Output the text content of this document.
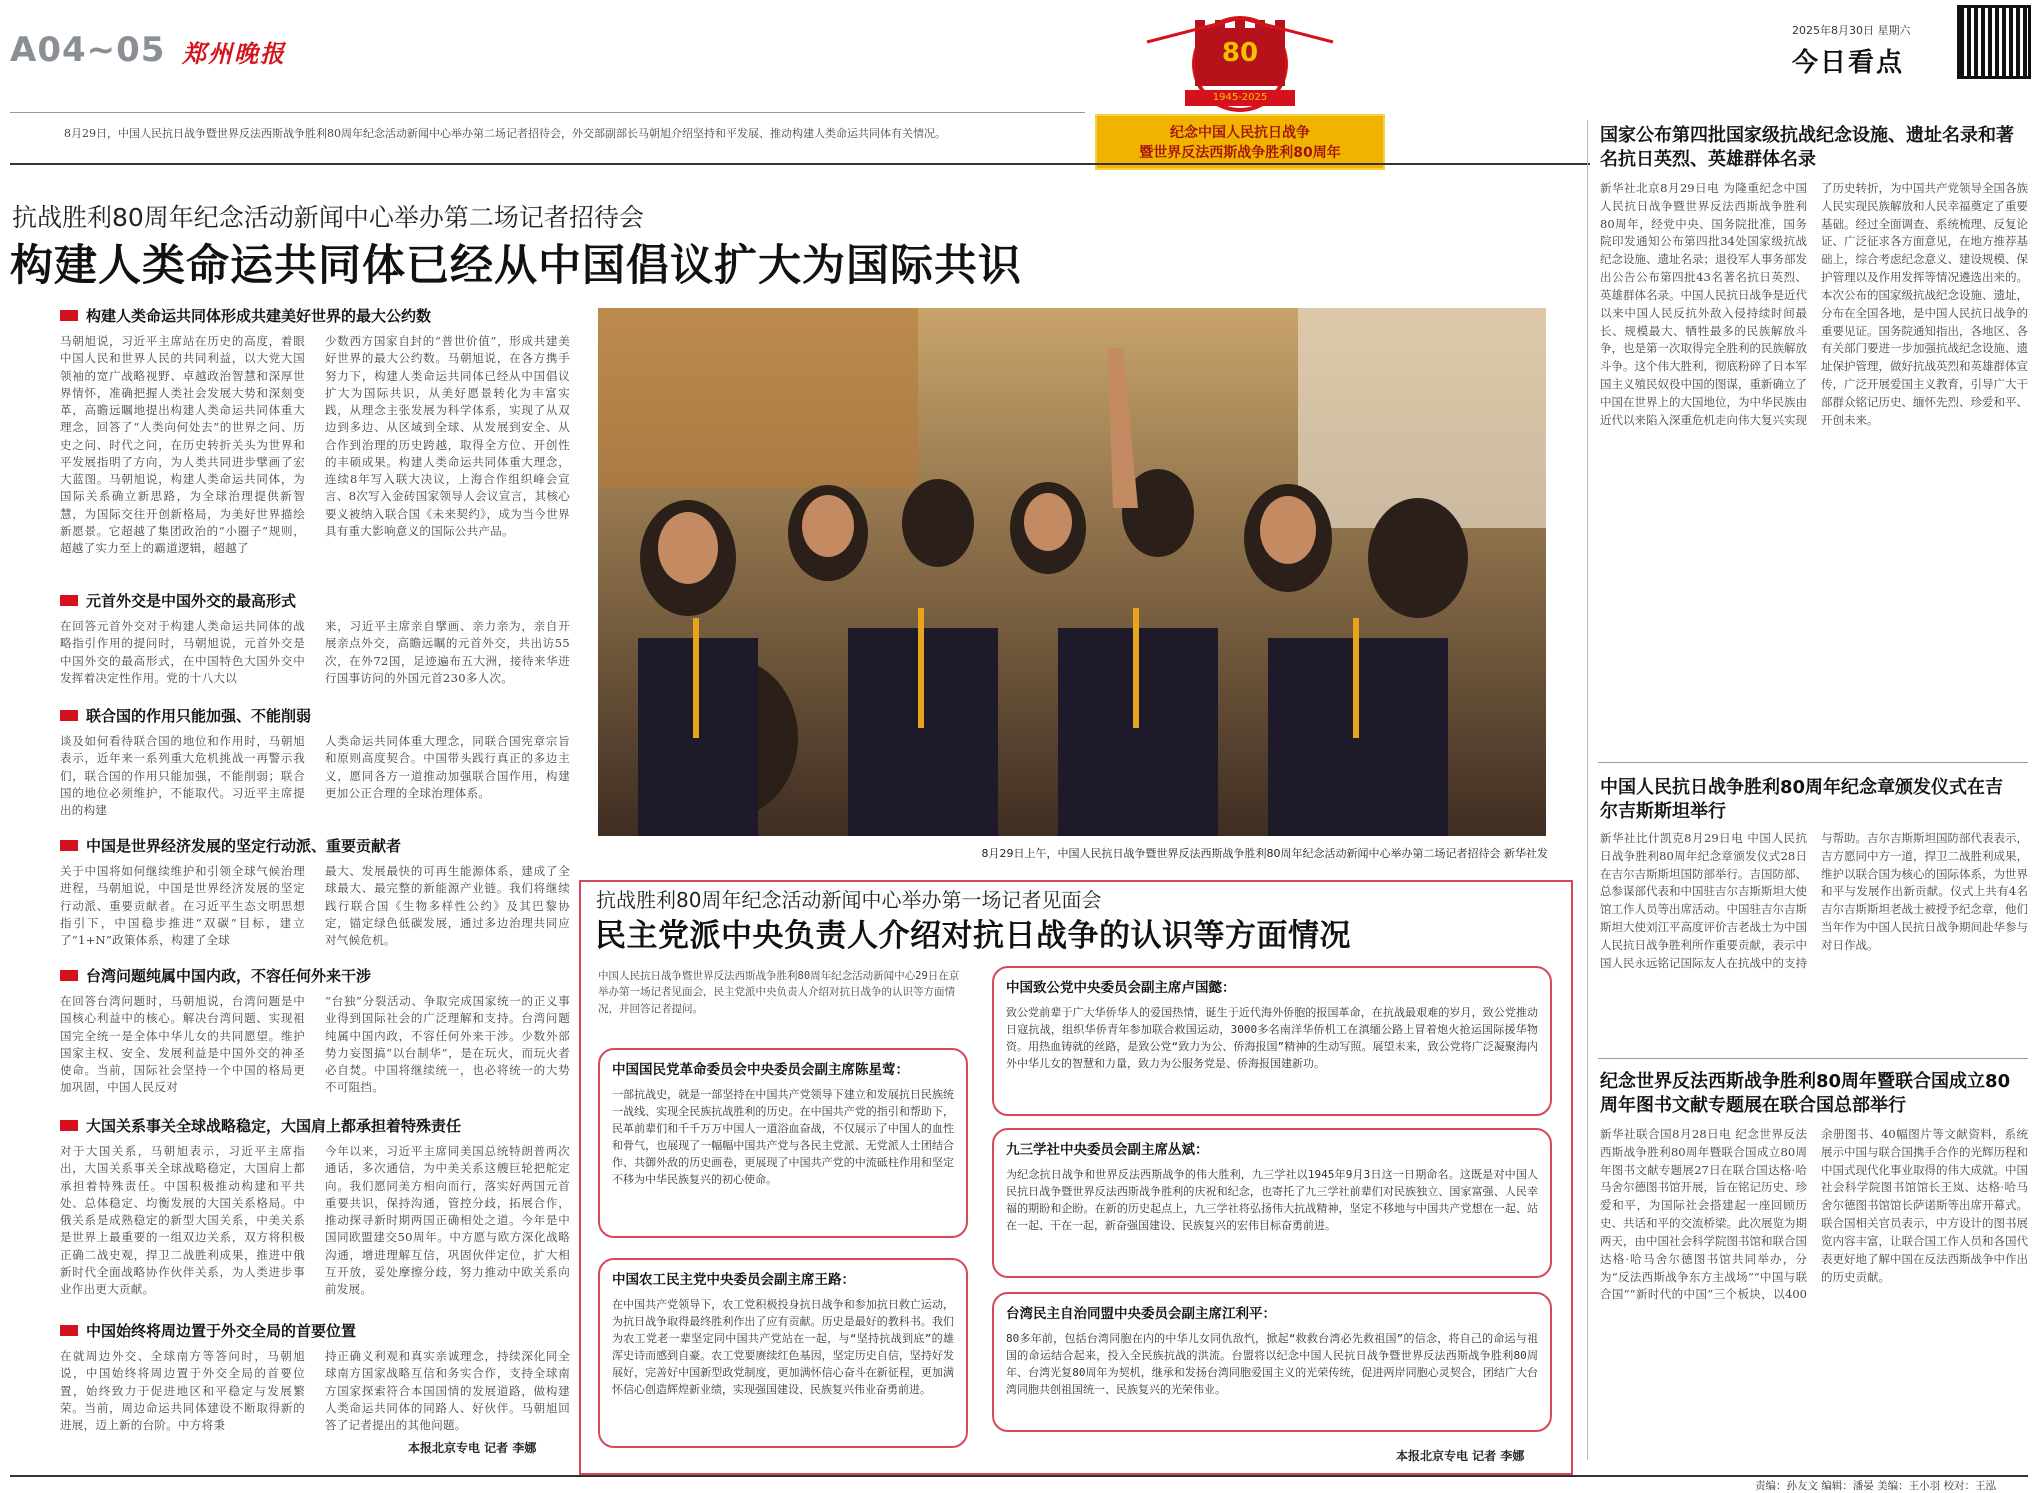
A04~05 郑州晚报
8月29日，中国人民抗日战争暨世界反法西斯战争胜利80周年纪念活动新闻中心举办第二场记者招待会，外交部副部长马朝旭介绍坚持和平发展、推动构建人类命运共同体有关情况。
80
1945-2025
纪念中国人民抗日战争
暨世界反法西斯战争胜利80周年
2025年8月30日 星期六
今日看点
抗战胜利80周年纪念活动新闻中心举办第二场记者招待会
构建人类命运共同体已经从中国倡议扩大为国际共识
构建人类命运共同体形成共建美好世界的最大公约数
马朝旭说，习近平主席站在历史的高度，着眼中国人民和世界人民的共同利益，以大党大国领袖的宽广战略视野、卓越政治智慧和深厚世界情怀，准确把握人类社会发展大势和深刻变革，高瞻远瞩地提出构建人类命运共同体重大理念，回答了“人类向何处去”的世界之问、历史之问、时代之问，在历史转折关头为世界和平发展指明了方向，为人类共同进步擘画了宏大蓝图。马朝旭说，构建人类命运共同体，为国际关系确立新思路，为全球治理提供新智慧，为国际交往开创新格局，为美好世界描绘新愿景。它超越了集团政治的“小圈子”规则，超越了实力至上的霸道逻辑，超越了
少数西方国家自封的“普世价值”，形成共建美好世界的最大公约数。马朝旭说，在各方携手努力下，构建人类命运共同体已经从中国倡议扩大为国际共识，从美好愿景转化为丰富实践，从理念主张发展为科学体系，实现了从双边到多边、从区域到全球、从发展到安全、从合作到治理的历史跨越，取得全方位、开创性的丰硕成果。构建人类命运共同体重大理念，连续8年写入联大决议，上海合作组织峰会宣言、8次写入金砖国家领导人会议宣言，其核心要义被纳入联合国《未来契约》，成为当今世界具有重大影响意义的国际公共产品。
元首外交是中国外交的最高形式
在回答元首外交对于构建人类命运共同体的战略指引作用的提问时，马朝旭说，元首外交是中国外交的最高形式，在中国特色大国外交中发挥着决定性作用。党的十八大以
来，习近平主席亲自擘画、亲力亲为，亲自开展亲点外交，高瞻远瞩的元首外交，共出访55次，在外72国，足迹遍布五大洲，接待来华进行国事访问的外国元首230多人次。
联合国的作用只能加强、不能削弱
谈及如何看待联合国的地位和作用时，马朝旭表示，近年来一系列重大危机挑战一再警示我们，联合国的作用只能加强，不能削弱；联合国的地位必须维护，不能取代。习近平主席提出的构建
人类命运共同体重大理念，同联合国宪章宗旨和原则高度契合。中国带头践行真正的多边主义，愿同各方一道推动加强联合国作用，构建更加公正合理的全球治理体系。
中国是世界经济发展的坚定行动派、重要贡献者
关于中国将如何继续维护和引领全球气候治理进程，马朝旭说，中国是世界经济发展的坚定行动派、重要贡献者。在习近平生态文明思想指引下，中国稳步推进“双碳”目标，建立了“1+N”政策体系，构建了全球
最大、发展最快的可再生能源体系，建成了全球最大、最完整的新能源产业链。我们将继续践行联合国《生物多样性公约》及其巴黎协定，锚定绿色低碳发展，通过多边治理共同应对气候危机。
台湾问题纯属中国内政，不容任何外来干涉
在回答台湾问题时，马朝旭说，台湾问题是中国核心利益中的核心。解决台湾问题、实现祖国完全统一是全体中华儿女的共同愿望。维护国家主权、安全、发展利益是中国外交的神圣使命。当前，国际社会坚持一个中国的格局更加巩固，中国人民反对
“台独”分裂活动、争取完成国家统一的正义事业得到国际社会的广泛理解和支持。台湾问题纯属中国内政，不容任何外来干涉。少数外部势力妄图搞“以台制华”，是在玩火，而玩火者必自焚。中国将继续统一，也必将统一的大势不可阻挡。
大国关系事关全球战略稳定，大国肩上都承担着特殊责任
对于大国关系，马朝旭表示，习近平主席指出，大国关系事关全球战略稳定，大国肩上都承担着特殊责任。中国积极推动构建和平共处、总体稳定、均衡发展的大国关系格局。中俄关系是成熟稳定的新型大国关系，中美关系是世界上最重要的一组双边关系，双方将积极正确二战史观，捍卫二战胜利成果，推进中俄新时代全面战略协作伙伴关系，为人类进步事业作出更大贡献。
今年以来，习近平主席同美国总统特朗普两次通话，多次通信，为中美关系这艘巨轮把舵定向。我们愿同美方相向而行，落实好两国元首重要共识，保持沟通，管控分歧，拓展合作，推动探寻新时期两国正确相处之道。今年是中国同欧盟建交50周年。中方愿与欧方深化战略沟通，增进理解互信，巩固伙伴定位，扩大相互开放，妥处摩擦分歧，努力推动中欧关系向前发展。
中国始终将周边置于外交全局的首要位置
在就周边外交、全球南方等答问时，马朝旭说，中国始终将周边置于外交全局的首要位置，始终致力于促进地区和平稳定与发展繁荣。当前，周边命运共同体建设不断取得新的进展，迈上新的台阶。中方将秉
持正确义利观和真实亲诚理念，持续深化同全球南方国家战略互信和务实合作，支持全球南方国家探索符合本国国情的发展道路，做构建人类命运共同体的同路人、好伙伴。马朝旭回答了记者提出的其他问题。
本报北京专电 记者 李娜
8月29日上午，中国人民抗日战争暨世界反法西斯战争胜利80周年纪念活动新闻中心举办第二场记者招待会 新华社发
抗战胜利80周年纪念活动新闻中心举办第一场记者见面会
民主党派中央负责人介绍对抗日战争的认识等方面情况
中国人民抗日战争暨世界反法西斯战争胜利80周年纪念活动新闻中心29日在京举办第一场记者见面会，民主党派中央负责人介绍对抗日战争的认识等方面情况，并回答记者提问。
中国国民党革命委员会中央委员会副主席陈星莺：
一部抗战史，就是一部坚持在中国共产党领导下建立和发展抗日民族统一战线、实现全民族抗战胜利的历史。在中国共产党的指引和帮助下，民革前辈们和千千万万中国人一道浴血奋战，不仅展示了中国人的血性和骨气，也展现了一幅幅中国共产党与各民主党派、无党派人士团结合作、共御外敌的历史画卷，更展现了中国共产党的中流砥柱作用和坚定不移为中华民族复兴的初心使命。
中国致公党中央委员会副主席卢国懿：
致公党前辈于广大华侨华人的爱国热情，诞生于近代海外侨胞的报国革命，在抗战最艰难的岁月，致公党推动日寇抗战，组织华侨青年参加联合救国运动，3000多名南洋华侨机工在滇缅公路上冒着炮火抢运国际援华物资。用热血铸就的丝路，是致公党“致力为公、侨海报国”精神的生动写照。展望未来，致公党将广泛凝聚海内外中华儿女的智慧和力量，致力为公服务党是、侨海报国建新功。
九三学社中央委员会副主席丛斌：
为纪念抗日战争和世界反法西斯战争的伟大胜利，九三学社以1945年9月3日这一日期命名。这既是对中国人民抗日战争暨世界反法西斯战争胜利的庆祝和纪念，也寄托了九三学社前辈们对民族独立、国家富强、人民幸福的期盼和企盼。在新的历史起点上，九三学社将弘扬伟大抗战精神，坚定不移地与中国共产党想在一起、站在一起、干在一起，新奋强国建设、民族复兴的宏伟目标奋勇前进。
中国农工民主党中央委员会副主席王路：
在中国共产党领导下，农工党积极投身抗日战争和参加抗日救亡运动，为抗日战争取得最终胜利作出了应有贡献。历史是最好的教科书。我们为农工党老一辈坚定同中国共产党站在一起，与“坚持抗战到底”的雄浑史诗而感到自豪。农工党要赓续红色基因，坚定历史自信，坚持好发展好，完善好中国新型政党制度，更加满怀信心奋斗在新征程，更加满怀信心创造辉煌新业绩，实现强国建设、民族复兴伟业奋勇前进。
台湾民主自治同盟中央委员会副主席江利平：
80多年前，包括台湾同胞在内的中华儿女同仇敌忾，掀起“救救台湾必先救祖国”的信念，将自己的命运与祖国的命运结合起来，投入全民族抗战的洪流。台盟将以纪念中国人民抗日战争暨世界反法西斯战争胜利80周年、台湾光复80周年为契机，继承和发扬台湾同胞爱国主义的光荣传统，促进两岸同胞心灵契合，团结广大台湾同胞共创祖国统一、民族复兴的光荣伟业。
本报北京专电 记者 李娜
国家公布第四批国家级抗战纪念设施、遗址名录和著名抗日英烈、英雄群体名录
新华社北京8月29日电 为隆重纪念中国人民抗日战争暨世界反法西斯战争胜利80周年，经党中央、国务院批准，国务院印发通知公布第四批34处国家级抗战纪念设施、遗址名录；退役军人事务部发出公告公布第四批43名著名抗日英烈、英雄群体名录。中国人民抗日战争是近代以来中国人民反抗外敌入侵持续时间最长、规模最大、牺牲最多的民族解放斗争，也是第一次取得完全胜利的民族解放斗争。这个伟大胜利，彻底粉碎了日本军国主义殖民奴役中国的图谋，重新确立了中国在世界上的大国地位，为中华民族由近代以来陷入深重危机走向伟大复兴实现了历史转折，为中国共产党领导全国各族人民实现民族解放和人民幸福奠定了重要基础。经过全面调查、系统梳理、反复论证、广泛征求各方面意见，在地方推荐基础上，综合考虑纪念意义、建设规模、保护管理以及作用发挥等情况遴选出来的。本次公布的国家级抗战纪念设施、遗址，分布在全国各地，是中国人民抗日战争的重要见证。国务院通知指出，各地区、各有关部门要进一步加强抗战纪念设施、遗址保护管理，做好抗战英烈和英雄群体宣传，广泛开展爱国主义教育，引导广大干部群众铭记历史、缅怀先烈、珍爱和平、开创未来。
中国人民抗日战争胜利80周年纪念章颁发仪式在吉尔吉斯斯坦举行
新华社比什凯克8月29日电 中国人民抗日战争胜利80周年纪念章颁发仪式28日在吉尔吉斯斯坦国防部举行。吉国防部、总参谋部代表和中国驻吉尔吉斯斯坦大使馆工作人员等出席活动。中国驻吉尔吉斯斯坦大使刘江平高度评价吉老战士为中国人民抗日战争胜利所作重要贡献，表示中国人民永远铭记国际友人在抗战中的支持与帮助。吉尔吉斯斯坦国防部代表表示，吉方愿同中方一道，捍卫二战胜利成果，维护以联合国为核心的国际体系，为世界和平与发展作出新贡献。仪式上共有4名吉尔吉斯斯坦老战士被授予纪念章，他们当年作为中国人民抗日战争期间赴华参与对日作战。
纪念世界反法西斯战争胜利80周年暨联合国成立80周年图书文献专题展在联合国总部举行
新华社联合国8月28日电 纪念世界反法西斯战争胜利80周年暨联合国成立80周年图书文献专题展27日在联合国达格·哈马舍尔德图书馆开展，旨在铭记历史、珍爱和平，为国际社会搭建起一座回顾历史、共话和平的交流桥梁。此次展览为期两天，由中国社会科学院图书馆和联合国达格·哈马舍尔德图书馆共同举办，分为“反法西斯战争东方主战场”“中国与联合国”“新时代的中国”三个板块，以400余册图书、40幅图片等文献资料，系统展示中国与联合国携手合作的光辉历程和中国式现代化事业取得的伟大成就。中国社会科学院图书馆馆长王岚、达格·哈马舍尔德图书馆馆长萨诺斯等出席开幕式。联合国相关官员表示，中方设计的图书展览内容丰富，让联合国工作人员和各国代表更好地了解中国在反法西斯战争中作出的历史贡献。
责编：孙友文 编辑：潘晏 美编：王小羽 校对：王泓
